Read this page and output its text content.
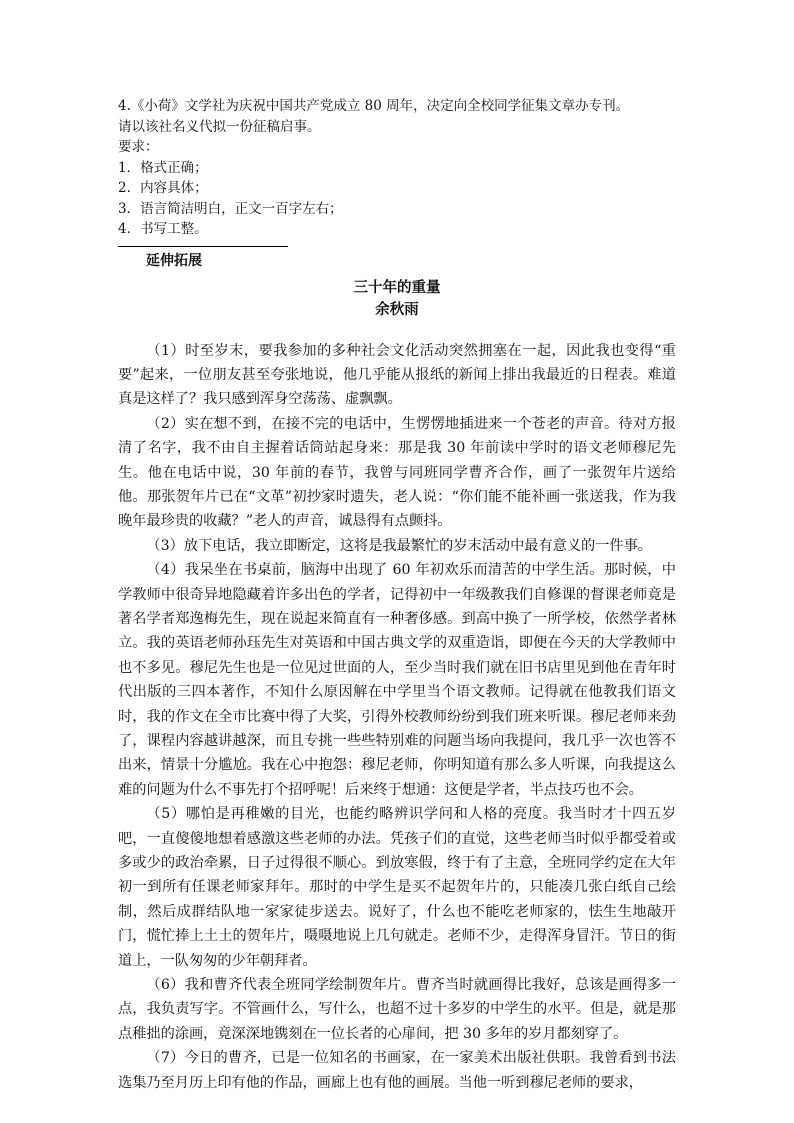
4.《小荷》文学社为庆祝中国共产党成立 80 周年，决定向全校同学征集文章办专刊。
请以该社名义代拟一份征稿启事。
要求：
1．格式正确；
2．内容具体；
3．语言简洁明白，正文一百字左右；
4．书写工整。
延伸拓展
三十年的重量
余秋雨

（1）时至岁末，要我参加的多种社会文化活动突然拥塞在一起，因此我也变得“重要”起来，一位朋友甚至夸张地说，他几乎能从报纸的新闻上排出我最近的日程表。难道真是这样了？我只感到浑身空荡荡、虚飘飘。

（2）实在想不到，在接不完的电话中，生愣愣地插进来一个苍老的声音。待对方报清了名字，我不由自主握着话筒站起身来：那是我 30 年前读中学时的语文老师穆尼先生。他在电话中说，30 年前的春节，我曾与同班同学曹齐合作，画了一张贺年片送给他。那张贺年片已在“文革”初抄家时遗失，老人说：“你们能不能补画一张送我，作为我晚年最珍贵的收藏？”老人的声音，诚恳得有点颤抖。

（3）放下电话，我立即断定，这将是我最繁忙的岁末活动中最有意义的一件事。

（4）我呆坐在书桌前，脑海中出现了 60 年初欢乐而清苦的中学生活。那时候，中学教师中很奇异地隐藏着许多出色的学者，记得初中一年级教我们自修课的督课老师竟是著名学者郑逸梅先生，现在说起来简直有一种奢侈感。到高中换了一所学校，依然学者林立。我的英语老师孙珏先生对英语和中国古典文学的双重造诣，即便在今天的大学教师中也不多见。穆尼先生也是一位见过世面的人，至少当时我们就在旧书店里见到他在青年时代出版的三四本著作，不知什么原因解在中学里当个语文教师。记得就在他教我们语文时，我的作文在全市比赛中得了大奖，引得外校教师纷纷到我们班来听课。穆尼老师来劲了，课程内容越讲越深，而且专挑一些些特别难的问题当场向我提问，我几乎一次也答不出来，情景十分尴尬。我在心中抱怨：穆尼老师，你明知道有那么多人听课，向我提这么难的问题为什么不事先打个招呼呢！后来终于想通：这便是学者，半点技巧也不会。

（5）哪怕是再稚嫩的目光，也能约略辨识学问和人格的亮度。我当时才十四五岁吧，一直傻傻地想着感激这些老师的办法。凭孩子们的直觉，这些老师当时似乎都受着或多或少的政治牵累，日子过得很不顺心。到放寒假，终于有了主意，全班同学约定在大年初一到所有任课老师家拜年。那时的中学生是买不起贺年片的，只能凑几张白纸自己绘制，然后成群结队地一家家徒步送去。说好了，什么也不能吃老师家的，怯生生地敲开门，慌忙捧上土土的贺年片，嗫嗫地说上几句就走。老师不少，走得浑身冒汗。节日的街道上，一队匆匆的少年朝拜者。

（6）我和曹齐代表全班同学绘制贺年片。曹齐当时就画得比我好，总该是画得多一点，我负责写字。不管画什么，写什么，也超不过十多岁的中学生的水平。但是，就是那点稚拙的涂画，竟深深地镌刻在一位长者的心扉间，把 30 多年的岁月都刻穿了。

（7）今日的曹齐，已是一位知名的书画家，在一家美术出版社供职。我曾看到书法选集乃至月历上印有他的作品，画廊上也有他的画展。当他一听到穆尼老师的要求，
